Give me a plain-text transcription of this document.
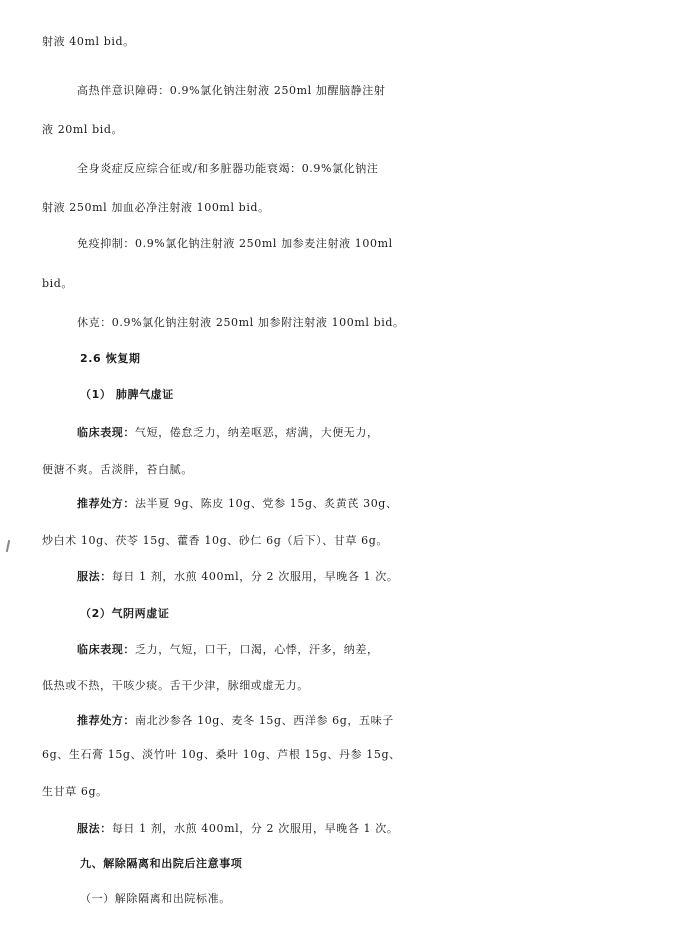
射液 40ml bid。
高热伴意识障碍：0.9%氯化钠注射液 250ml 加醒脑静注射
液 20ml bid。
全身炎症反应综合征或/和多脏器功能衰竭：0.9%氯化钠注
射液 250ml 加血必净注射液 100ml bid。
免疫抑制：0.9%氯化钠注射液 250ml 加参麦注射液 100ml
bid。
休克：0.9%氯化钠注射液 250ml 加参附注射液 100ml bid。
2.6 恢复期
（1） 肺脾气虚证
临床表现：气短，倦怠乏力，纳差呕恶，痞满，大便无力，
便溏不爽。舌淡胖，苔白腻。
推荐处方：法半夏 9g、陈皮 10g、党参 15g、炙黄芪 30g、
炒白术 10g、茯苓 15g、藿香 10g、砂仁 6g（后下）、甘草 6g。
服法：每日 1 剂，水煎 400ml，分 2 次服用，早晚各 1 次。
（2）气阴两虚证
临床表现：乏力，气短，口干，口渴，心悸，汗多，纳差，
低热或不热，干咳少痰。舌干少津，脉细或虚无力。
推荐处方：南北沙参各 10g、麦冬 15g、西洋参 6g，五味子
6g、生石膏 15g、淡竹叶 10g、桑叶 10g、芦根 15g、丹参 15g、
生甘草 6g。
服法：每日 1 剂，水煎 400ml，分 2 次服用，早晚各 1 次。
九、解除隔离和出院后注意事项
（一）解除隔离和出院标准。
